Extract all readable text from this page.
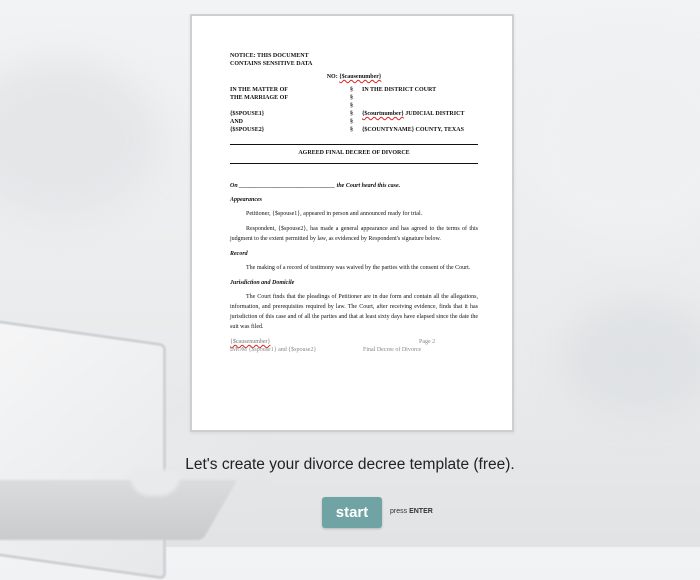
NOTICE: THIS DOCUMENT
CONTAINS SENSITIVE DATA
NO: {$causenumber}
IN THE MATTER OF	§	IN THE DISTRICT COURT
THE MARRIAGE OF	§
§
{$SPOUSE1}	§	{$courtnumber} JUDICIAL DISTRICT
AND	§
{$SPOUSE2}	§	{$COUNTYNAME} COUNTY, TEXAS
AGREED FINAL DECREE OF DIVORCE
On ________________________________ the Court heard this case.
Appearances

Petitioner, {$spouse1}, appeared in person and announced ready for trial.

Respondent, {$spouse2}, has made a general appearance and has agreed to the terms of this judgment to the extent permitted by law, as evidenced by Respondent's signature below.

Record

The making of a record of testimony was waived by the parties with the consent of the Court.

Jurisdiction and Domicile

The Court finds that the pleadings of Petitioner are in due form and contain all the allegations, information, and prerequisites required by law. The Court, after receiving evidence, finds that it has jurisdiction of this case and of all the parties and that at least sixty days have elapsed since the date the suit was filed.

{$causenumber}	Page 2
IMOM {$spouse1} and {$spouse2}	Final Decree of Divorce
Let's create your divorce decree template (free).
start	press ENTER
